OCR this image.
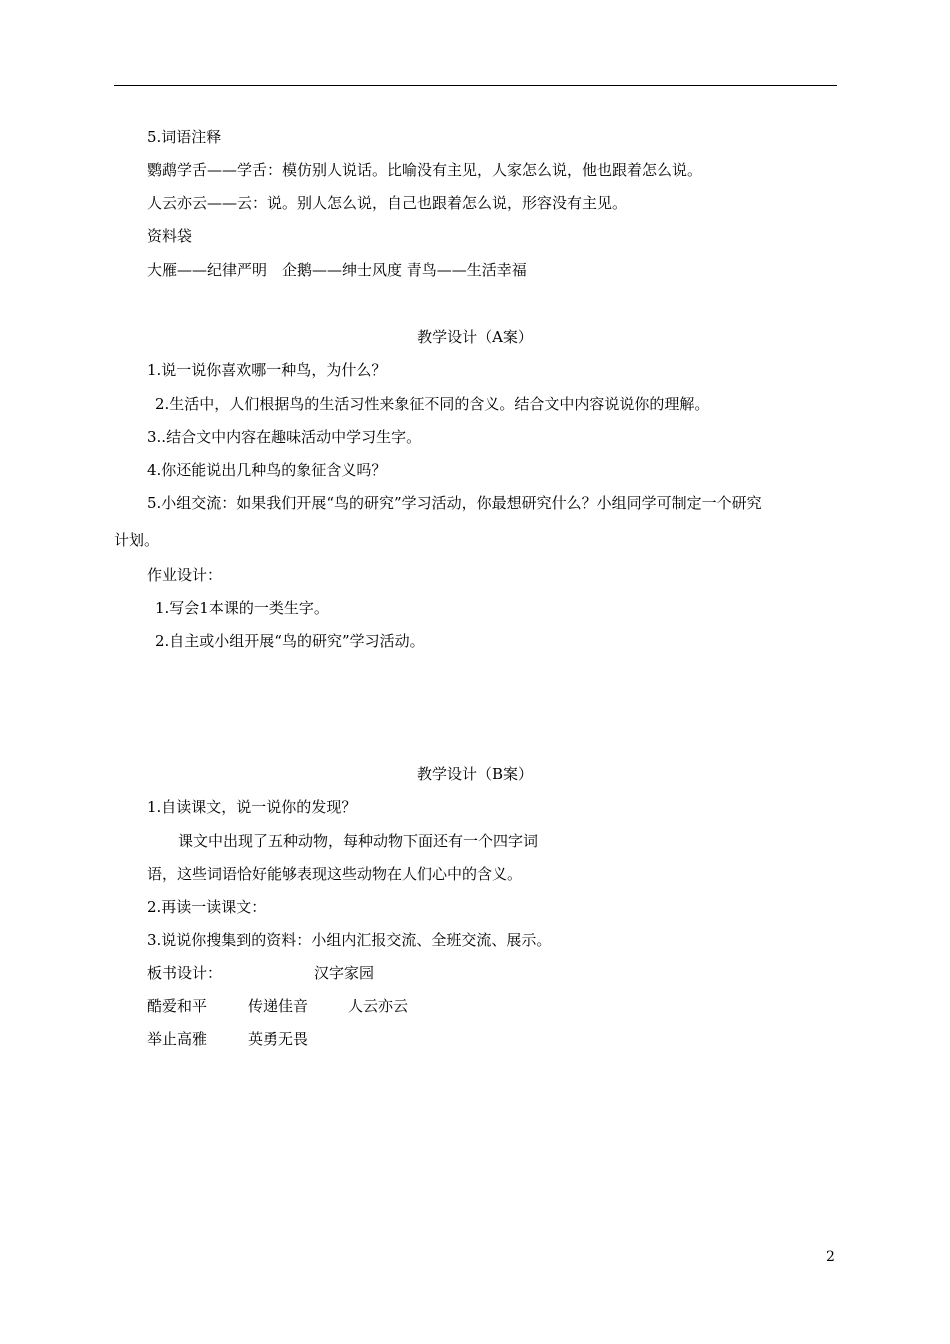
5.词语注释
鹦鹉学舌——学舌：模仿别人说话。比喻没有主见，人家怎么说，他也跟着怎么说。
人云亦云——云：说。别人怎么说，自己也跟着怎么说，形容没有主见。
资料袋
大雁——纪律严明　企鹅——绅士风度 青鸟——生活幸福
教学设计（A案）
1.说一说你喜欢哪一种鸟，为什么？
2.生活中，人们根据鸟的生活习性来象征不同的含义。结合文中内容说说你的理解。
3..结合文中内容在趣味活动中学习生字。
4.你还能说出几种鸟的象征含义吗？
5.小组交流：如果我们开展“鸟的研究”学习活动，你最想研究什么？小组同学可制定一个研究
计划。
作业设计：
1.写会1本课的一类生字。
2.自主或小组开展“鸟的研究”学习活动。
教学设计（B案）
1.自读课文，说一说你的发现？
课文中出现了五种动物，每种动物下面还有一个四字词
语，这些词语恰好能够表现这些动物在人们心中的含义。
2.再读一读课文：
3.说说你搜集到的资料：小组内汇报交流、全班交流、展示。
板书设计：	汉字家园
酷爱和平	传递佳音	人云亦云
举止高雅	英勇无畏
2
